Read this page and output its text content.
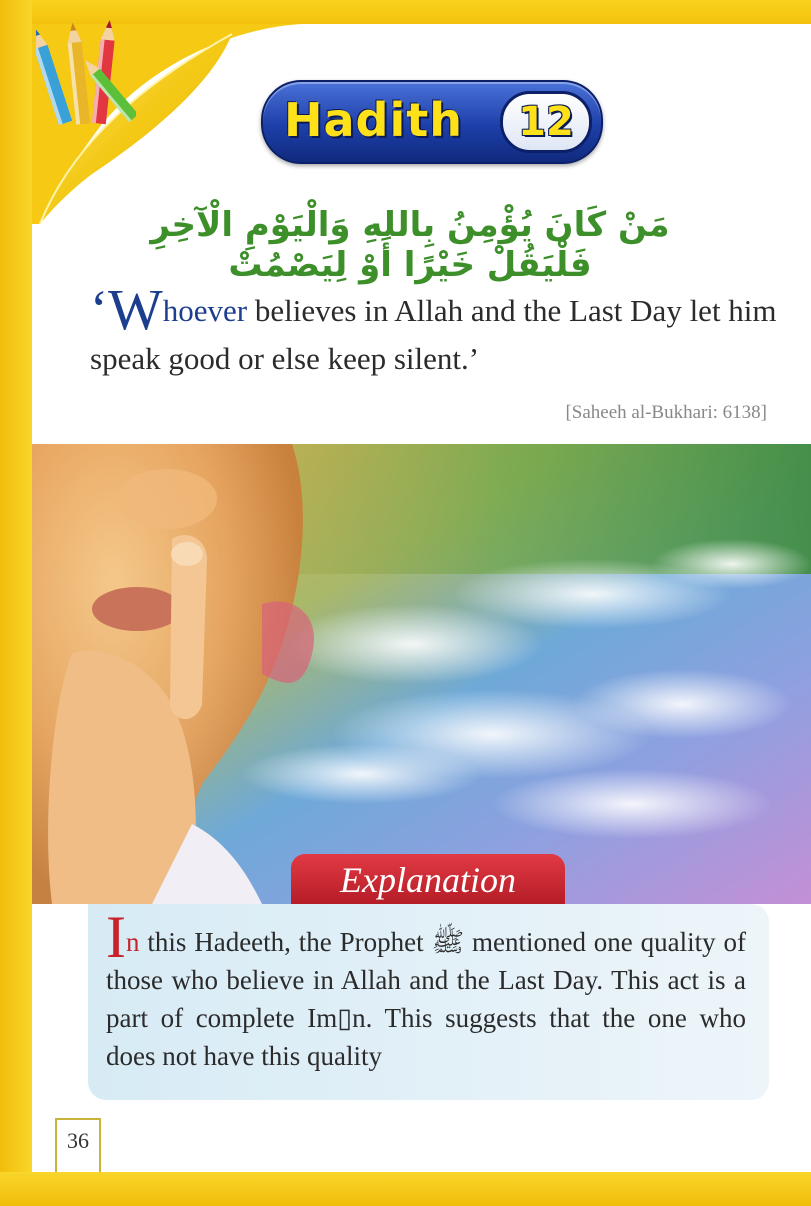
Hadith	12
مَنْ كَانَ يُؤْمِنُ بِاللهِ وَالْيَوْمِ الْآخِرِ فَلْيَقُلْ خَيْرًا أَوْ لِيَصْمُتْ
‘Whoever believes in Allah and the Last Day let him speak good or else keep silent.’
[Saheeh al-Bukhari: 6138]
Explanation
In this Hadeeth, the Prophet ﷺ mentioned one quality of those who believe in Allah and the Last Day. This act is a part of complete Im▯n. This suggests that the one who does not have this quality
36
